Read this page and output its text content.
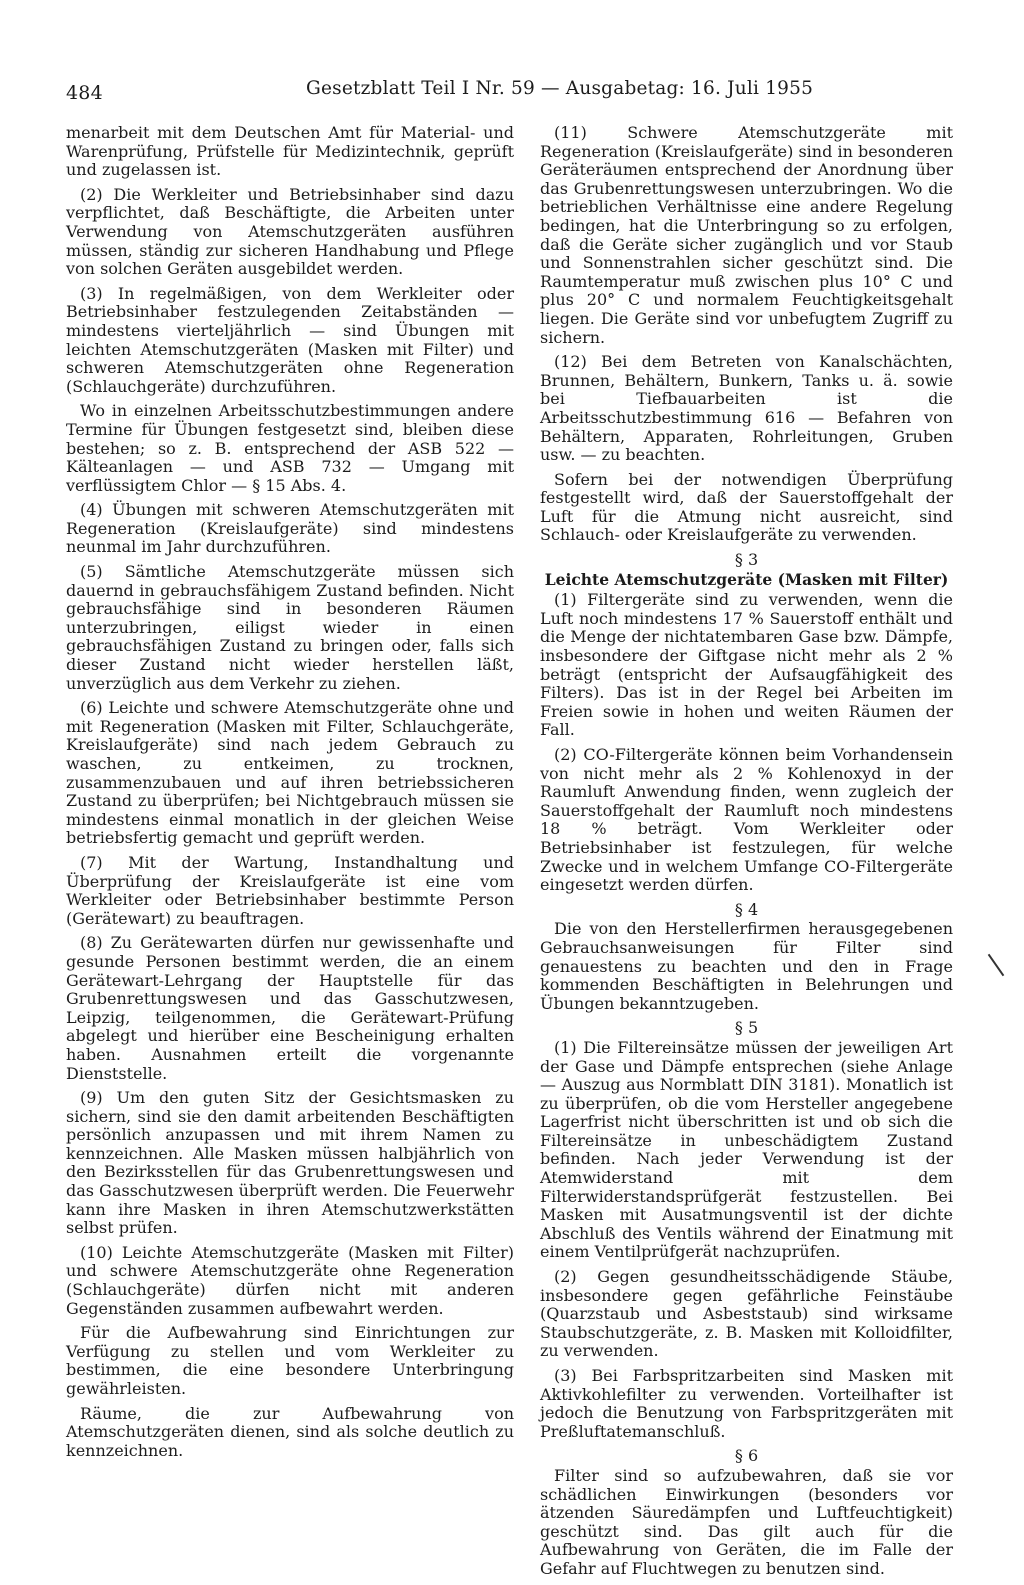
484	Gesetzblatt Teil I Nr. 59 — Ausgabetag: 16. Juli 1955

menarbeit mit dem Deutschen Amt für Material- und Warenprüfung, Prüfstelle für Medizintechnik, geprüft und zugelassen ist.

(2) Die Werkleiter und Betriebsinhaber sind dazu verpflichtet, daß Beschäftigte, die Arbeiten unter Verwendung von Atemschutzgeräten ausführen müssen, ständig zur sicheren Handhabung und Pflege von solchen Geräten ausgebildet werden.

(3) In regelmäßigen, von dem Werkleiter oder Betriebsinhaber festzulegenden Zeitabständen — mindestens vierteljährlich — sind Übungen mit leichten Atemschutzgeräten (Masken mit Filter) und schweren Atemschutzgeräten ohne Regeneration (Schlauchgeräte) durchzuführen.

Wo in einzelnen Arbeitsschutzbestimmungen andere Termine für Übungen festgesetzt sind, bleiben diese bestehen; so z. B. entsprechend der ASB 522 — Kälteanlagen — und ASB 732 — Umgang mit verflüssigtem Chlor — § 15 Abs. 4.

(4) Übungen mit schweren Atemschutzgeräten mit Regeneration (Kreislaufgeräte) sind mindestens neunmal im Jahr durchzuführen.

(5) Sämtliche Atemschutzgeräte müssen sich dauernd in gebrauchsfähigem Zustand befinden. Nicht gebrauchsfähige sind in besonderen Räumen unterzubringen, eiligst wieder in einen gebrauchsfähigen Zustand zu bringen oder, falls sich dieser Zustand nicht wieder herstellen läßt, unverzüglich aus dem Verkehr zu ziehen.

(6) Leichte und schwere Atemschutzgeräte ohne und mit Regeneration (Masken mit Filter, Schlauchgeräte, Kreislaufgeräte) sind nach jedem Gebrauch zu waschen, zu entkeimen, zu trocknen, zusammenzubauen und auf ihren betriebssicheren Zustand zu überprüfen; bei Nichtgebrauch müssen sie mindestens einmal monatlich in der gleichen Weise betriebsfertig gemacht und geprüft werden.

(7) Mit der Wartung, Instandhaltung und Überprüfung der Kreislaufgeräte ist eine vom Werkleiter oder Betriebsinhaber bestimmte Person (Gerätewart) zu beauftragen.

(8) Zu Gerätewarten dürfen nur gewissenhafte und gesunde Personen bestimmt werden, die an einem Gerätewart-Lehrgang der Hauptstelle für das Grubenrettungswesen und das Gasschutzwesen, Leipzig, teilgenommen, die Gerätewart-Prüfung abgelegt und hierüber eine Bescheinigung erhalten haben. Ausnahmen erteilt die vorgenannte Dienststelle.

(9) Um den guten Sitz der Gesichtsmasken zu sichern, sind sie den damit arbeitenden Beschäftigten persönlich anzupassen und mit ihrem Namen zu kennzeichnen. Alle Masken müssen halbjährlich von den Bezirksstellen für das Grubenrettungswesen und das Gasschutzwesen überprüft werden. Die Feuerwehr kann ihre Masken in ihren Atemschutzwerkstätten selbst prüfen.

(10) Leichte Atemschutzgeräte (Masken mit Filter) und schwere Atemschutzgeräte ohne Regeneration (Schlauchgeräte) dürfen nicht mit anderen Gegenständen zusammen aufbewahrt werden.

Für die Aufbewahrung sind Einrichtungen zur Verfügung zu stellen und vom Werkleiter zu bestimmen, die eine besondere Unterbringung gewährleisten.

Räume, die zur Aufbewahrung von Atemschutzgeräten dienen, sind als solche deutlich zu kennzeichnen.

(11) Schwere Atemschutzgeräte mit Regeneration (Kreislaufgeräte) sind in besonderen Geräteräumen entsprechend der Anordnung über das Grubenrettungswesen unterzubringen. Wo die betrieblichen Verhältnisse eine andere Regelung bedingen, hat die Unterbringung so zu erfolgen, daß die Geräte sicher zugänglich und vor Staub und Sonnenstrahlen sicher geschützt sind. Die Raumtemperatur muß zwischen plus 10° C und plus 20° C und normalem Feuchtigkeitsgehalt liegen. Die Geräte sind vor unbefugtem Zugriff zu sichern.

(12) Bei dem Betreten von Kanalschächten, Brunnen, Behältern, Bunkern, Tanks u. ä. sowie bei Tiefbauarbeiten ist die Arbeitsschutzbestimmung 616 — Befahren von Behältern, Apparaten, Rohrleitungen, Gruben usw. — zu beachten.

Sofern bei der notwendigen Überprüfung festgestellt wird, daß der Sauerstoffgehalt der Luft für die Atmung nicht ausreicht, sind Schlauch- oder Kreislaufgeräte zu verwenden.

§ 3
Leichte Atemschutzgeräte (Masken mit Filter)

(1) Filtergeräte sind zu verwenden, wenn die Luft noch mindestens 17 % Sauerstoff enthält und die Menge der nichtatembaren Gase bzw. Dämpfe, insbesondere der Giftgase nicht mehr als 2 % beträgt (entspricht der Aufsaugfähigkeit des Filters). Das ist in der Regel bei Arbeiten im Freien sowie in hohen und weiten Räumen der Fall.

(2) CO-Filtergeräte können beim Vorhandensein von nicht mehr als 2 % Kohlenoxyd in der Raumluft Anwendung finden, wenn zugleich der Sauerstoffgehalt der Raumluft noch mindestens 18 % beträgt. Vom Werkleiter oder Betriebsinhaber ist festzulegen, für welche Zwecke und in welchem Umfange CO-Filtergeräte eingesetzt werden dürfen.

§ 4

Die von den Herstellerfirmen herausgegebenen Gebrauchsanweisungen für Filter sind genauestens zu beachten und den in Frage kommenden Beschäftigten in Belehrungen und Übungen bekanntzugeben.

§ 5

(1) Die Filtereinsätze müssen der jeweiligen Art der Gase und Dämpfe entsprechen (siehe Anlage — Auszug aus Normblatt DIN 3181). Monatlich ist zu überprüfen, ob die vom Hersteller angegebene Lagerfrist nicht überschritten ist und ob sich die Filtereinsätze in unbeschädigtem Zustand befinden. Nach jeder Verwendung ist der Atemwiderstand mit dem Filterwiderstandsprüfgerät festzustellen. Bei Masken mit Ausatmungsventil ist der dichte Abschluß des Ventils während der Einatmung mit einem Ventilprüfgerät nachzuprüfen.

(2) Gegen gesundheitsschädigende Stäube, insbesondere gegen gefährliche Feinstäube (Quarzstaub und Asbeststaub) sind wirksame Staubschutzgeräte, z. B. Masken mit Kolloidfilter, zu verwenden.

(3) Bei Farbspritzarbeiten sind Masken mit Aktivkohlefilter zu verwenden. Vorteilhafter ist jedoch die Benutzung von Farbspritzgeräten mit Preßluftatemanschluß.

§ 6

Filter sind so aufzubewahren, daß sie vor schädlichen Einwirkungen (besonders vor ätzenden Säuredämpfen und Luftfeuchtigkeit) geschützt sind. Das gilt auch für die Aufbewahrung von Geräten, die im Falle der Gefahr auf Fluchtwegen zu benutzen sind.
